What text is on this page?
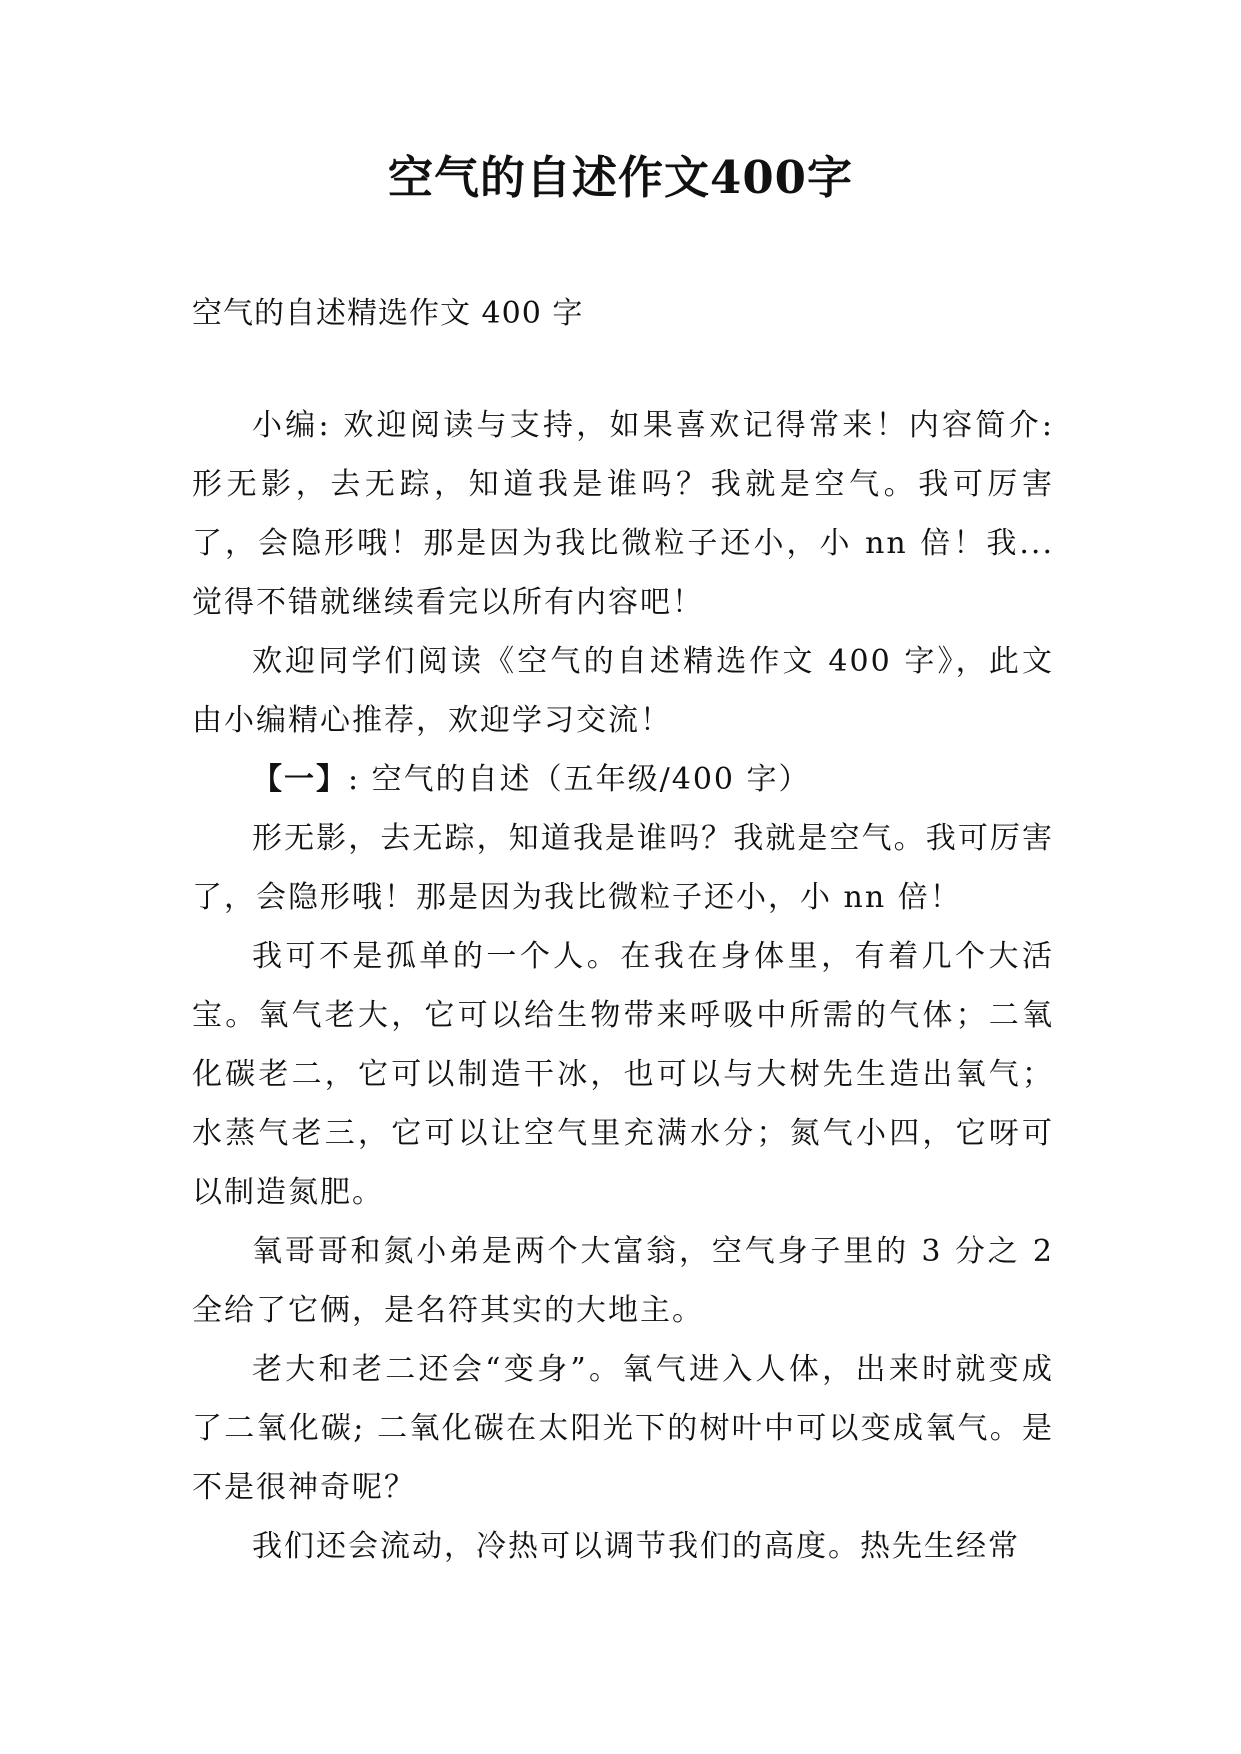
空气的自述作文400字
空气的自述精选作文 400 字

小编: 欢迎阅读与支持，如果喜欢记得常来！内容简介: 形无影，去无踪，知道我是谁吗？我就是空气。我可厉害了，会隐形哦！那是因为我比微粒子还小，小 nn 倍！我... 觉得不错就继续看完以所有内容吧！

欢迎同学们阅读《空气的自述精选作文 400 字》，此文由小编精心推荐，欢迎学习交流！

【一】: 空气的自述（五年级/400 字）

形无影，去无踪，知道我是谁吗？我就是空气。我可厉害了，会隐形哦！那是因为我比微粒子还小，小 nn 倍！

我可不是孤单的一个人。在我在身体里，有着几个大活宝。氧气老大，它可以给生物带来呼吸中所需的气体；二氧化碳老二，它可以制造干冰，也可以与大树先生造出氧气；水蒸气老三，它可以让空气里充满水分；氮气小四，它呀可以制造氮肥。

氧哥哥和氮小弟是两个大富翁，空气身子里的 3 分之 2 全给了它俩，是名符其实的大地主。

老大和老二还会“变身”。氧气进入人体，出来时就变成了二氧化碳; 二氧化碳在太阳光下的树叶中可以变成氧气。是不是很神奇呢？

我们还会流动，冷热可以调节我们的高度。热先生经常
